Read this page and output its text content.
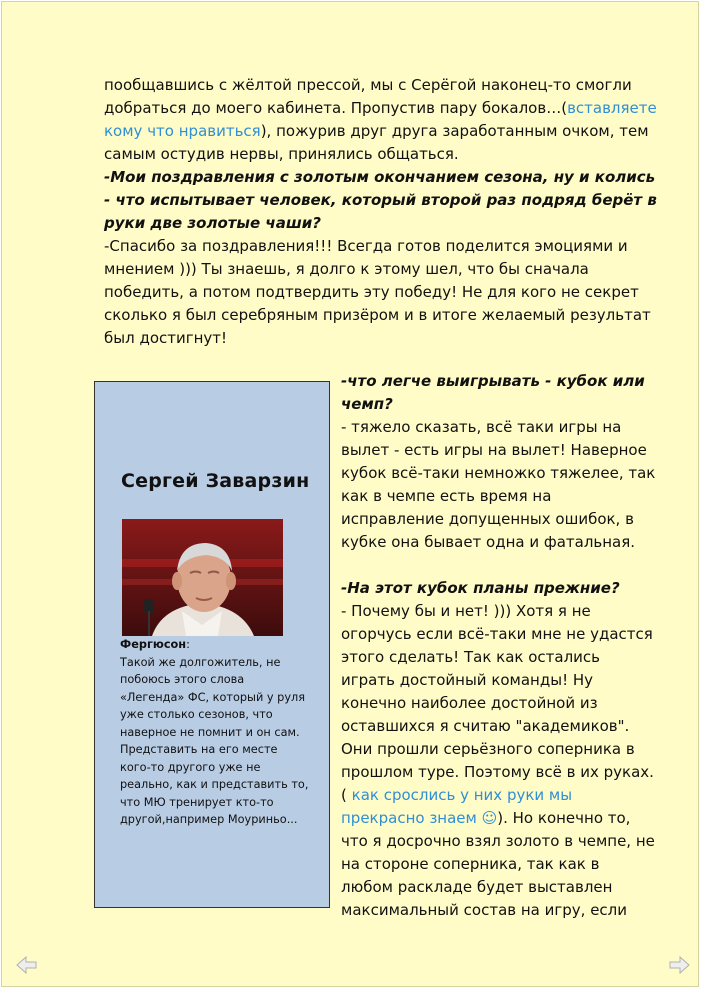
пообщавшись с жёлтой прессой, мы с Серёгой наконец-то смогли добраться до моего кабинета. Пропустив пару бокалов…(вставляете кому что нравиться), пожурив друг друга заработанным очком, тем самым остудив нервы, принялись общаться.

-Мои поздравления с золотым окончанием сезона, ну и колись - что испытывает человек, который второй раз подряд берёт в руки две золотые чаши?

-Спасибо за поздравления!!! Всегда готов поделится эмоциями и мнением ))) Ты знаешь, я долго к этому шел, что бы сначала победить, а потом подтвердить эту победу! Не для кого не секрет сколько я был серебряным призёром и в итоге желаемый результат был достигнут!

Сергей Заварзин
Фергюсон:
Такой же долгожитель, не побоюсь этого слова «Легенда» ФС, который у руля уже столько сезонов, что наверное не помнит и он сам. Представить на его месте кого-то другого уже не реально, как и представить то, что МЮ тренирует кто-то другой,например Моуриньо...

-что легче выигрывать - кубок или чемп?

- тяжело сказать, всё таки игры на вылет - есть игры на вылет! Наверное кубок всё-таки немножко тяжелее, так как в чемпе есть время на исправление допущенных ошибок, в кубке она бывает одна и фатальная.

-На этот кубок планы прежние?

- Почему бы и нет! ))) Хотя я не огорчусь если всё-таки мне не удастся этого сделать! Так как остались играть достойный команды! Ну конечно наиболее достойной из оставшихся я считаю "академиков". Они прошли серьёзного соперника в прошлом туре. Поэтому всё в их руках.( как срослись у них руки мы прекрасно знаем ☺). Но конечно то, что я досрочно взял золото в чемпе, не на стороне соперника, так как в любом раскладе будет выставлен максимальный состав на игру, если
